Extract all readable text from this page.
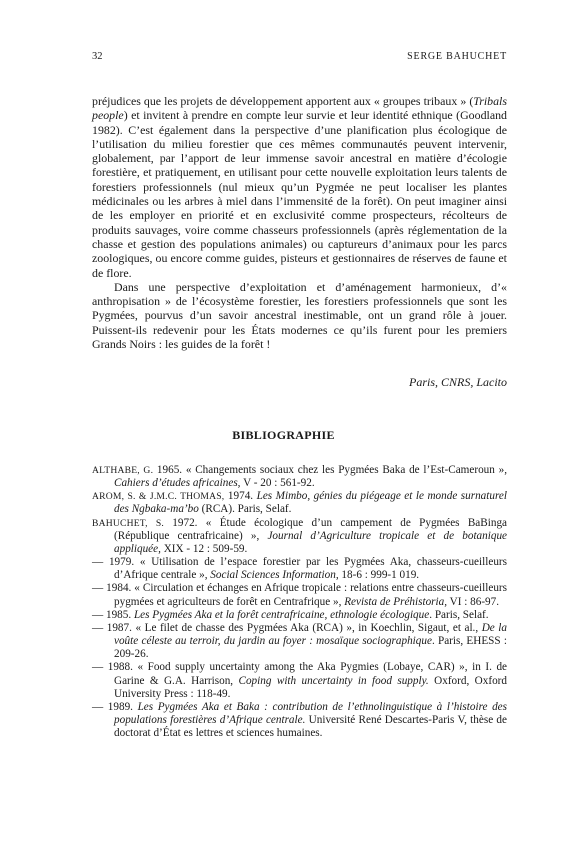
32	SERGE BAHUCHET

préjudices que les projets de développement apportent aux « groupes tribaux » (Tribals people) et invitent à prendre en compte leur survie et leur identité ethnique (Goodland 1982). C’est également dans la perspective d’une planification plus écologique de l’utilisation du milieu forestier que ces mêmes communautés peuvent intervenir, globalement, par l’apport de leur immense savoir ancestral en matière d’écologie forestière, et pratiquement, en utilisant pour cette nouvelle exploitation leurs talents de forestiers professionnels (nul mieux qu’un Pygmée ne peut localiser les plantes médicinales ou les arbres à miel dans l’immensité de la forêt). On peut imaginer ainsi de les employer en priorité et en exclusivité comme prospecteurs, récolteurs de produits sauvages, voire comme chasseurs professionnels (après réglementation de la chasse et gestion des populations animales) ou captureurs d’animaux pour les parcs zoologiques, ou encore comme guides, pisteurs et gestionnaires de réserves de faune et de flore.

Dans une perspective d’exploitation et d’aménagement harmonieux, d’« anthropisation » de l’écosystème forestier, les forestiers professionnels que sont les Pygmées, pourvus d’un savoir ancestral inestimable, ont un grand rôle à jouer. Puissent-ils redevenir pour les États modernes ce qu’ils furent pour les premiers Grands Noirs : les guides de la forêt !

Paris, CNRS, Lacito
BIBLIOGRAPHIE
ALTHABE, G. 1965. « Changements sociaux chez les Pygmées Baka de l’Est-Cameroun », Cahiers d’études africaines, V - 20 : 561-92.
AROM, S. & J.M.C. THOMAS, 1974. Les Mimbo, génies du piégeage et le monde surnaturel des Ngbaka-ma’bo (RCA). Paris, Selaf.
BAHUCHET, S. 1972. « Étude écologique d’un campement de Pygmées BaBinga (République centrafricaine) », Journal d’Agriculture tropicale et de botanique appliquée, XIX - 12 : 509-59.
— 1979. « Utilisation de l’espace forestier par les Pygmées Aka, chasseurs-cueilleurs d’Afrique centrale », Social Sciences Information, 18-6 : 999-1 019.
— 1984. « Circulation et échanges en Afrique tropicale : relations entre chasseurs-cueilleurs pygmées et agriculteurs de forêt en Centrafrique », Revista de Préhistoria, VI : 86-97.
— 1985. Les Pygmées Aka et la forêt centrafricaine, ethnologie écologique. Paris, Selaf.
— 1987. « Le filet de chasse des Pygmées Aka (RCA) », in Koechlin, Sigaut, et al., De la voûte céleste au terroir, du jardin au foyer : mosaïque sociographique. Paris, EHESS : 209-26.
— 1988. « Food supply uncertainty among the Aka Pygmies (Lobaye, CAR) », in I. de Garine & G.A. Harrison, Coping with uncertainty in food supply. Oxford, Oxford University Press : 118-49.
— 1989. Les Pygmées Aka et Baka : contribution de l’ethnolinguistique à l’histoire des populations forestières d’Afrique centrale. Université René Descartes-Paris V, thèse de doctorat d’État es lettres et sciences humaines.
